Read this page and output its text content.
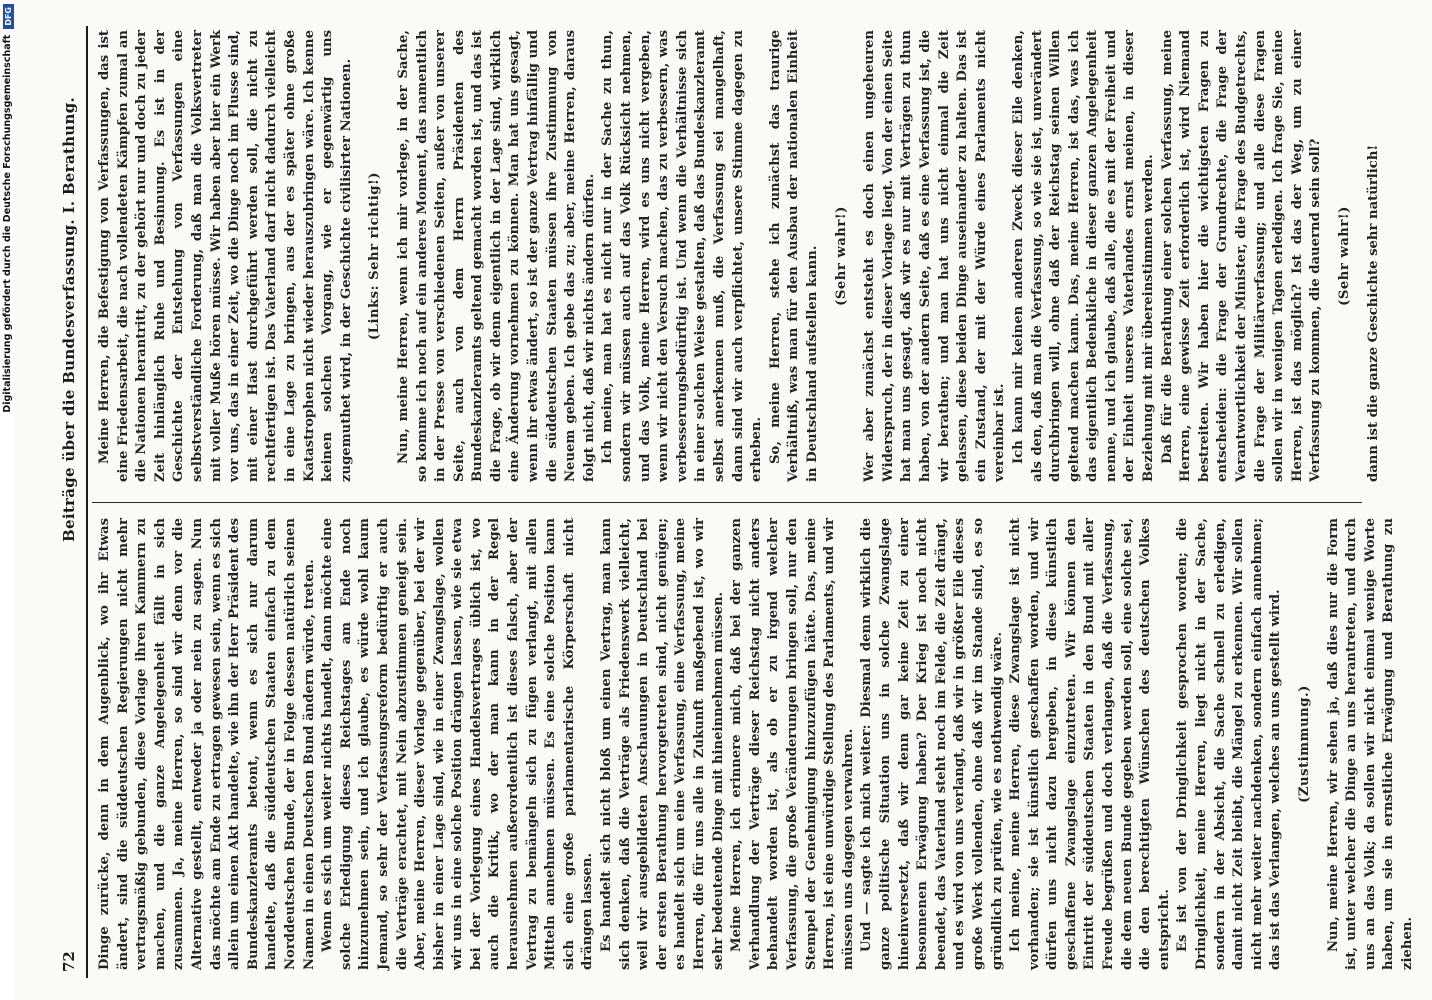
Digitalisierung gefördert durch die Deutsche Forschungsgemeinschaft
DFG
72
Beiträge über die Bundesverfassung. I. Berathung.

Dinge zurücke, denn in dem Augenblick, wo ihr Etwas ändert, sind die süddeutschen Regierungen nicht mehr vertragsmäßig gebunden, diese Vorlage ihren Kammern zu machen, und die ganze Angelegenheit fällt in sich zusammen. Ja, meine Herren, so sind wir denn vor die Alternative gestellt, entweder ja oder nein zu sagen. Nun das möchte am Ende zu ertragen gewesen sein, wenn es sich allein um einen Akt handelte, wie ihn der Herr Präsident des Bundeskanzleramts betont, wenn es sich nur darum handelte, daß die süddeutschen Staaten einfach zu dem Norddeutschen Bunde, der in Folge dessen natürlich seinen Namen in einen Deutschen Bund ändern würde, treten. Wenn es sich um weiter nichts handelt, dann möchte eine solche Erledigung dieses Reichstages am Ende noch hinzunehmen sein, und ich glaube, es würde wohl kaum Jemand, so sehr der Verfassungsreform bedürftig er auch die Verträge erachtet, mit Nein abzustimmen geneigt sein. Aber, meine Herren, dieser Vorlage gegenüber, bei der wir bisher in einer Lage sind, wie in einer Zwangslage, wollen wir uns in eine solche Position drängen lassen, wie sie etwa bei der Vorlegung eines Handelsvertrages üblich ist, wo auch die Kritik, wo der man kann in der Regel herausnehmen außerordentlich ist dieses falsch, aber der Vertrag zu bemängeln sich zu fügen verlangt, mit allen Mitteln annehmen müssen. Es eine solche Position kann sich eine große parlamentarische Körperschaft nicht drängen lassen. Es handelt sich nicht bloß um einen Vertrag, man kann sich denken, daß die Verträge als Friedenswerk vielleicht, weil wir ausgebildeten Anschauungen in Deutschland bei der ersten Berathung hervorgetreten sind, nicht genügen; es handelt sich um eine Verfassung, eine Verfassung, meine Herren, die für uns alle in Zukunft maßgebend ist, wo wir sehr bedeutende Dinge mit hineinnehmen müssen. Meine Herren, ich erinnere mich, daß bei der ganzen Verhandlung der Verträge dieser Reichstag nicht anders behandelt worden ist, als ob er zu irgend welcher Verfassung, die große Veränderungen bringen soll, nur den Stempel der Genehmigung hinzuzufügen hätte. Das, meine Herren, ist eine unwürdige Stellung des Parlaments, und wir müssen uns dagegen verwahren. Und — sagte ich mich weiter: Diesmal denn wirklich die ganze politische Situation uns in solche Zwangslage hineinversetzt, daß wir denn gar keine Zeit zu einer besonnenen Erwägung haben? Der Krieg ist noch nicht beendet, das Vaterland steht noch im Felde, die Zeit drängt, und es wird von uns verlangt, daß wir in größter Eile dieses große Werk vollenden, ohne daß wir im Stande sind, es so gründlich zu prüfen, wie es nothwendig wäre. Ich meine, meine Herren, diese Zwangslage ist nicht vorhanden; sie ist künstlich geschaffen worden, und wir dürfen uns nicht dazu hergeben, in diese künstlich geschaffene Zwangslage einzutreten. Wir können den Eintritt der süddeutschen Staaten in den Bund mit aller Freude begrüßen und doch verlangen, daß die Verfassung, die dem neuen Bunde gegeben werden soll, eine solche sei, die den berechtigten Wünschen des deutschen Volkes entspricht. Es ist von der Dringlichkeit gesprochen worden; die Dringlichkeit, meine Herren, liegt nicht in der Sache, sondern in der Absicht, die Sache schnell zu erledigen, damit nicht Zeit bleibt, die Mängel zu erkennen. Wir sollen nicht mehr weiter nachdenken, sondern einfach annehmen; das ist das Verlangen, welches an uns gestellt wird. (Zustimmung.) Nun, meine Herren, wir sehen ja, daß dies nur die Form ist, unter welcher die Dinge an uns herantreten, und durch uns an das Volk; da sollen wir nicht einmal wenige Worte haben, um sie in ernstliche Erwägung und Berathung zu ziehen.

Meine Herren, die Befestigung von Verfassungen, das ist eine Friedensarbeit, die nach vollendeten Kämpfen zumal an die Nationen herantritt, zu der gehört nur und doch zu jeder Zeit hinlänglich Ruhe und Besinnung. Es ist in der Geschichte der Entstehung von Verfassungen eine selbstverständliche Forderung, daß man die Volksvertreter mit voller Muße hören müsse. Wir haben aber hier ein Werk vor uns, das in einer Zeit, wo die Dinge noch im Flusse sind, mit einer Hast durchgeführt werden soll, die nicht zu rechtfertigen ist. Das Vaterland darf nicht dadurch vielleicht in eine Lage zu bringen, aus der es später ohne große Katastrophen nicht wieder herauszubringen wäre. Ich kenne keinen solchen Vorgang, wie er gegenwärtig uns zugemuthet wird, in der Geschichte civilisirter Nationen. (Links: Sehr richtig!) Nun, meine Herren, wenn ich mir vorlege, in der Sache, so komme ich noch auf ein anderes Moment, das namentlich in der Presse von verschiedenen Seiten, außer von unserer Seite, auch von dem Herrn Präsidenten des Bundeskanzleramts geltend gemacht worden ist, und das ist die Frage, ob wir denn eigentlich in der Lage sind, wirklich eine Änderung vornehmen zu können. Man hat uns gesagt, wenn ihr etwas ändert, so ist der ganze Vertrag hinfällig und die süddeutschen Staaten müssen ihre Zustimmung von Neuem geben. Ich gebe das zu; aber, meine Herren, daraus folgt nicht, daß wir nichts ändern dürfen. Ich meine, man hat es nicht nur in der Sache zu thun, sondern wir müssen auch auf das Volk Rücksicht nehmen, und das Volk, meine Herren, wird es uns nicht vergeben, wenn wir nicht den Versuch machen, das zu verbessern, was verbesserungsbedürftig ist. Und wenn die Verhältnisse sich in einer solchen Weise gestalten, daß das Bundeskanzleramt selbst anerkennen muß, die Verfassung sei mangelhaft, dann sind wir auch verpflichtet, unsere Stimme dagegen zu erheben. So, meine Herren, stehe ich zunächst das traurige Verhältniß, was man für den Ausbau der nationalen Einheit in Deutschland aufstellen kann. (Sehr wahr!) Wer aber zunächst entsteht es doch einen ungeheuren Widerspruch, der in dieser Vorlage liegt. Von der einen Seite hat man uns gesagt, daß wir es nur mit Verträgen zu thun haben, von der andern Seite, daß es eine Verfassung ist, die wir berathen; und man hat uns nicht einmal die Zeit gelassen, diese beiden Dinge auseinander zu halten. Das ist ein Zustand, der mit der Würde eines Parlaments nicht vereinbar ist. Ich kann mir keinen anderen Zweck dieser Eile denken, als den, daß man die Verfassung, so wie sie ist, unverändert durchbringen will, ohne daß der Reichstag seinen Willen geltend machen kann. Das, meine Herren, ist das, was ich das eigentlich Bedenkliche in dieser ganzen Angelegenheit nenne, und ich glaube, daß alle, die es mit der Freiheit und der Einheit unseres Vaterlandes ernst meinen, in dieser Beziehung mit mir übereinstimmen werden. Daß für die Berathung einer solchen Verfassung, meine Herren, eine gewisse Zeit erforderlich ist, wird Niemand bestreiten. Wir haben hier die wichtigsten Fragen zu entscheiden: die Frage der Grundrechte, die Frage der Verantwortlichkeit der Minister, die Frage des Budgetrechts, die Frage der Militärverfassung; und alle diese Fragen sollen wir in wenigen Tagen erledigen. Ich frage Sie, meine Herren, ist das möglich? Ist das der Weg, um zu einer Verfassung zu kommen, die dauernd sein soll? (Sehr wahr!) dann ist die ganze Geschichte sehr natürlich!
